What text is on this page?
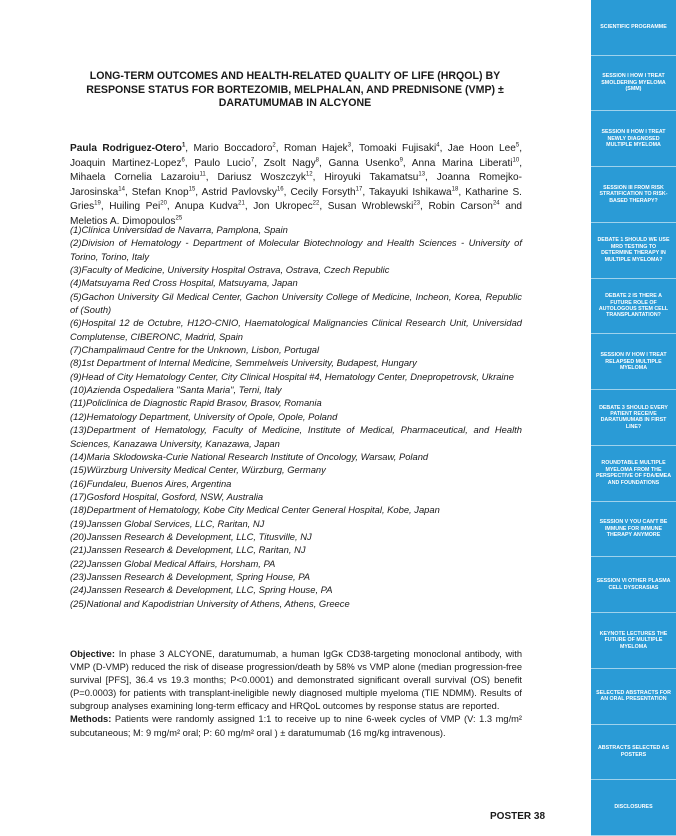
LONG-TERM OUTCOMES AND HEALTH-RELATED QUALITY OF LIFE (HRQOL) BY RESPONSE STATUS FOR BORTEZOMIB, MELPHALAN, AND PREDNISONE (VMP) ± DARATUMUMAB IN ALCYONE
Paula Rodriguez-Otero$^1$, Mario Boccadoro$^2$, Roman Hajek$^3$, Tomoaki Fujisaki$^4$, Jae Hoon Lee$^5$, Joaquin Martinez-Lopez$^6$, Paulo Lucio$^7$, Zsolt Nagy$^8$, Ganna Usenko$^9$, Anna Marina Liberati$^{10}$, Mihaela Cornelia Lazaroiu$^{11}$, Dariusz Woszczyk$^{12}$, Hiroyuki Takamatsu$^{13}$, Joanna Romejko-Jarosinska$^{14}$, Stefan Knop$^{15}$, Astrid Pavlovsky$^{16}$, Cecily Forsyth$^{17}$, Takayuki Ishikawa$^{18}$, Katharine S. Gries$^{19}$, Huiling Pei$^{20}$, Anupa Kudva$^{21}$, Jon Ukropec$^{22}$, Susan Wroblewski$^{23}$, Robin Carson$^{24}$ and Meletios A. Dimopoulos$^{25}$
(1)Clínica Universidad de Navarra, Pamplona, Spain
(2)Division of Hematology - Department of Molecular Biotechnology and Health Sciences - University of Torino, Torino, Italy
(3)Faculty of Medicine, University Hospital Ostrava, Ostrava, Czech Republic
(4)Matsuyama Red Cross Hospital, Matsuyama, Japan
(5)Gachon University Gil Medical Center, Gachon University College of Medicine, Incheon, Korea, Republic of (South)
(6)Hospital 12 de Octubre, H12O-CNIO, Haematological Malignancies Clinical Research Unit, Universidad Complutense, CIBERONC, Madrid, Spain
(7)Champalimaud Centre for the Unknown, Lisbon, Portugal
(8)1st Department of Internal Medicine, Semmelweis University, Budapest, Hungary
(9)Head of City Hematology Center, City Clinical Hospital #4, Hematology Center, Dnepropetrovsk, Ukraine
(10)Azienda Ospedaliera "Santa Maria", Terni, Italy
(11)Policlinica de Diagnostic Rapid Brasov, Brasov, Romania
(12)Hematology Department, University of Opole, Opole, Poland
(13)Department of Hematology, Faculty of Medicine, Institute of Medical, Pharmaceutical, and Health Sciences, Kanazawa University, Kanazawa, Japan
(14)Maria Sklodowska-Curie National Research Institute of Oncology, Warsaw, Poland
(15)Würzburg University Medical Center, Würzburg, Germany
(16)Fundaleu, Buenos Aires, Argentina
(17)Gosford Hospital, Gosford, NSW, Australia
(18)Department of Hematology, Kobe City Medical Center General Hospital, Kobe, Japan
(19)Janssen Global Services, LLC, Raritan, NJ
(20)Janssen Research & Development, LLC, Titusville, NJ
(21)Janssen Research & Development, LLC, Raritan, NJ
(22)Janssen Global Medical Affairs, Horsham, PA
(23)Janssen Research & Development, Spring House, PA
(24)Janssen Research & Development, LLC, Spring House, PA
(25)National and Kapodistrian University of Athens, Athens, Greece

Objective: In phase 3 ALCYONE, daratumumab, a human IgGκ CD38-targeting monoclonal antibody, with VMP (D-VMP) reduced the risk of disease progression/death by 58% vs VMP alone (median progression-free survival [PFS], 36.4 vs 19.3 months; P<0.0001) and demonstrated significant overall survival (OS) benefit (P=0.0003) for patients with transplant-ineligible newly diagnosed multiple myeloma (TIE NDMM). Results of subgroup analyses examining long-term efficacy and HRQoL outcomes by response status are reported.

Methods: Patients were randomly assigned 1:1 to receive up to nine 6-week cycles of VMP (V: 1.3 mg/m² subcutaneous; M: 9 mg/m² oral; P: 60 mg/m² oral ) ± daratumumab (16 mg/kg intravenous).

POSTER 38
SCIENTIFIC PROGRAMME
SESSION I HOW I TREAT SMOLDERING MYELOMA (SMM)
SESSION II HOW I TREAT NEWLY DIAGNOSED MULTIPLE MYELOMA
SESSION III FROM RISK STRATIFICATION TO RISK-BASED THERAPY?
DEBATE 1 SHOULD WE USE MRD TESTING TO DETERMINE THERAPY IN MULTIPLE MYELOMA?
DEBATE 2 IS THERE A FUTURE ROLE OF AUTOLOGOUS STEM CELL TRANSPLANTATION?
SESSION IV HOW I TREAT RELAPSED MULTIPLE MYELOMA
DEBATE 3 SHOULD EVERY PATIENT RECEIVE DARATUMUMAB IN FIRST LINE?
ROUNDTABLE MULTIPLE MYELOMA FROM THE PERSPECTIVE OF FDA/EMEA AND FOUNDATIONS
SESSION V YOU CAN'T BE IMMUNE FOR IMMUNE THERAPY ANYMORE
SESSION VI OTHER PLASMA CELL DYSCRASIAS
KEYNOTE LECTURES THE FUTURE OF MULTIPLE MYELOMA
SELECTED ABSTRACTS FOR AN ORAL PRESENTATION
ABSTRACTS SELECTED AS POSTERS
DISCLOSURES
